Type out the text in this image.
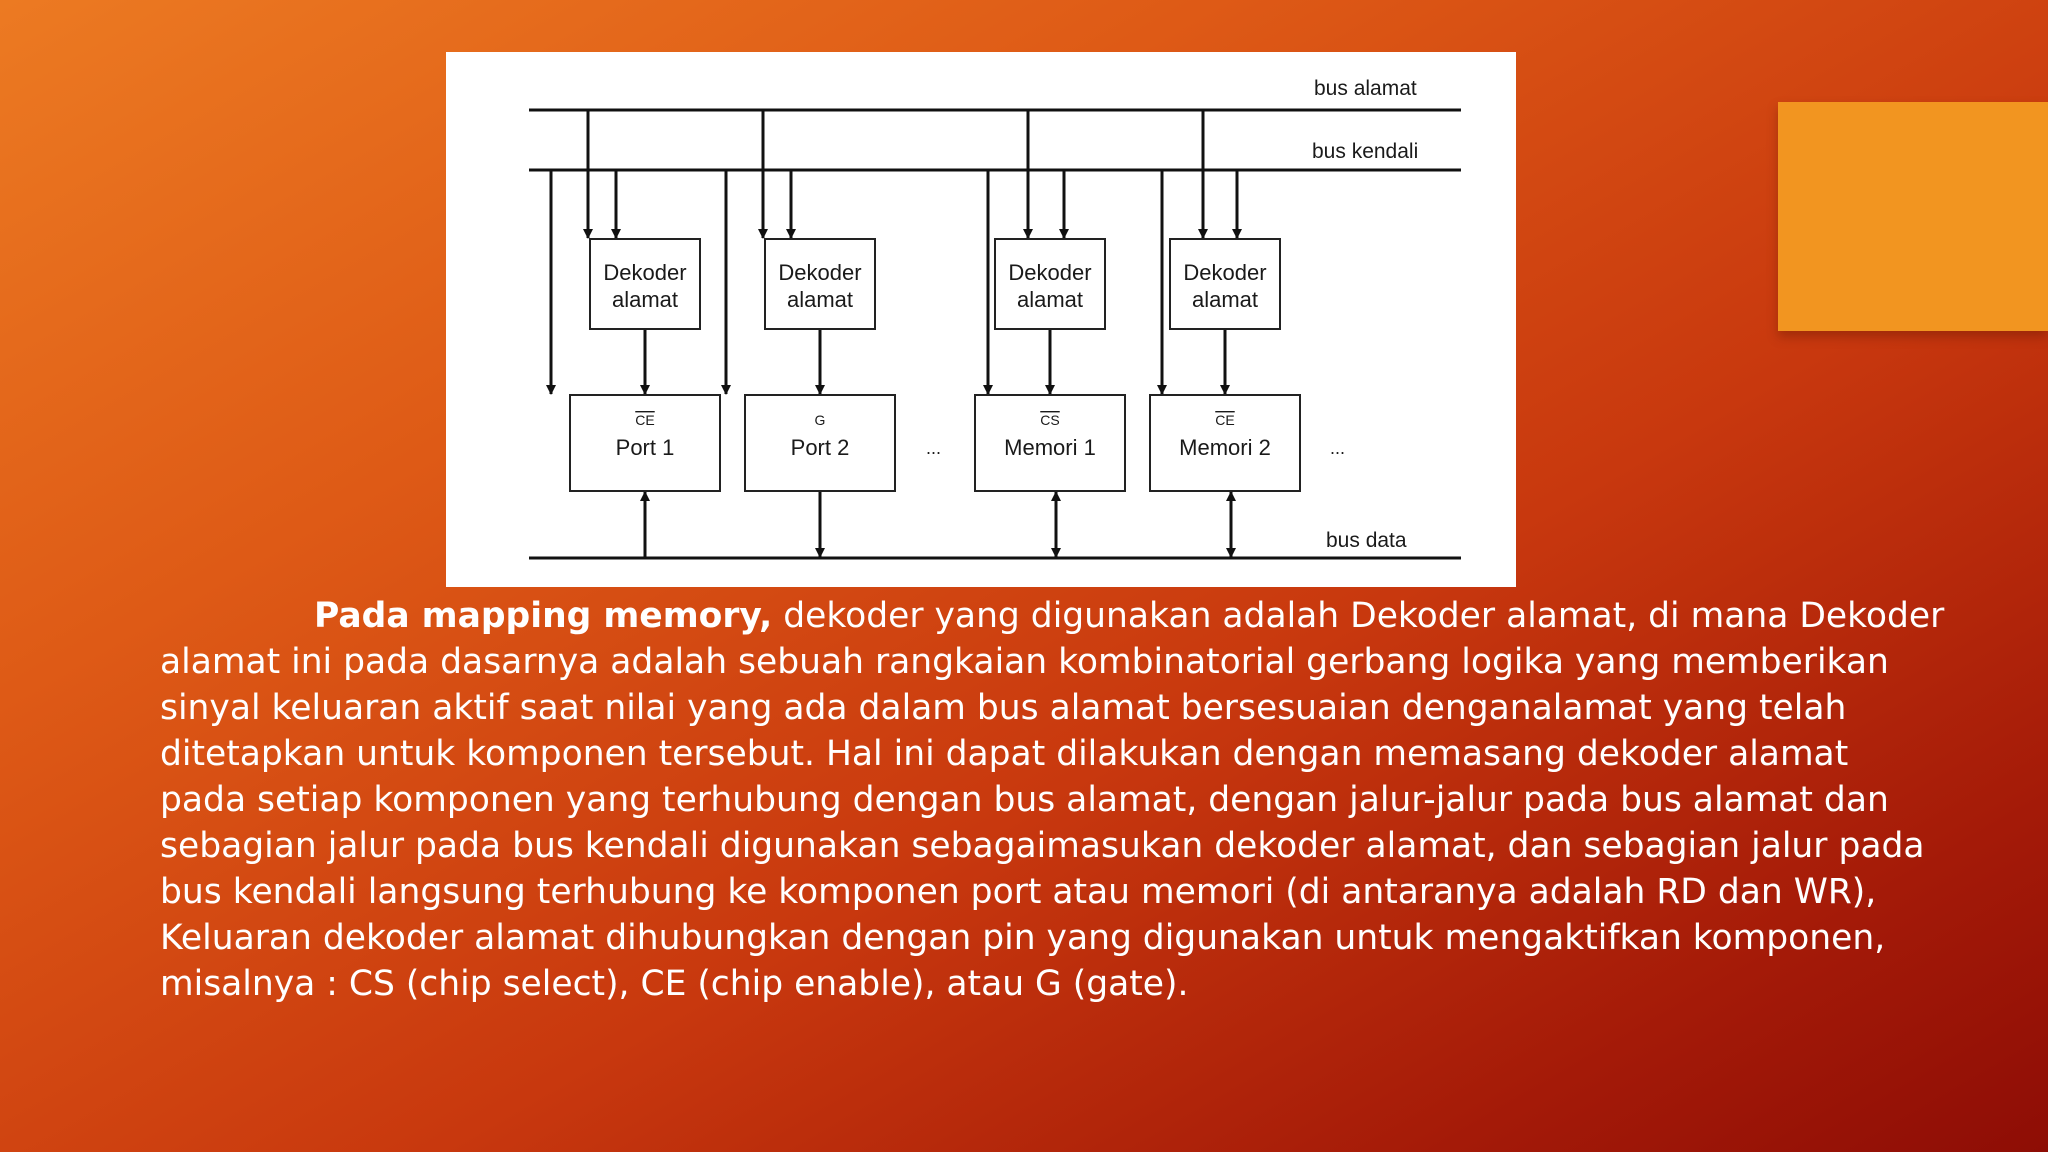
bus alamat
bus kendali
bus data
Dekoder
alamat
CE
Port 1
Dekoder
alamat
G
Port 2	...
Dekoder
alamat
CS
Memori 1
Dekoder
alamat
CE
Memori 2	...

Pada mapping memory, dekoder yang digunakan adalah Dekoder alamat, di mana Dekoder
alamat ini pada dasarnya adalah sebuah rangkaian kombinatorial gerbang logika yang memberikan
sinyal keluaran aktif saat nilai yang ada dalam bus alamat bersesuaian denganalamat yang telah
ditetapkan untuk komponen tersebut. Hal ini dapat dilakukan dengan memasang dekoder alamat
pada setiap komponen yang terhubung dengan bus alamat, dengan jalur-jalur pada bus alamat dan
sebagian jalur pada bus kendali digunakan sebagaimasukan dekoder alamat, dan sebagian jalur pada
bus kendali langsung terhubung ke komponen port atau memori (di antaranya adalah RD dan WR),
Keluaran dekoder alamat dihubungkan dengan pin yang digunakan untuk mengaktifkan komponen,
misalnya : CS (chip select), CE (chip enable), atau G (gate).
